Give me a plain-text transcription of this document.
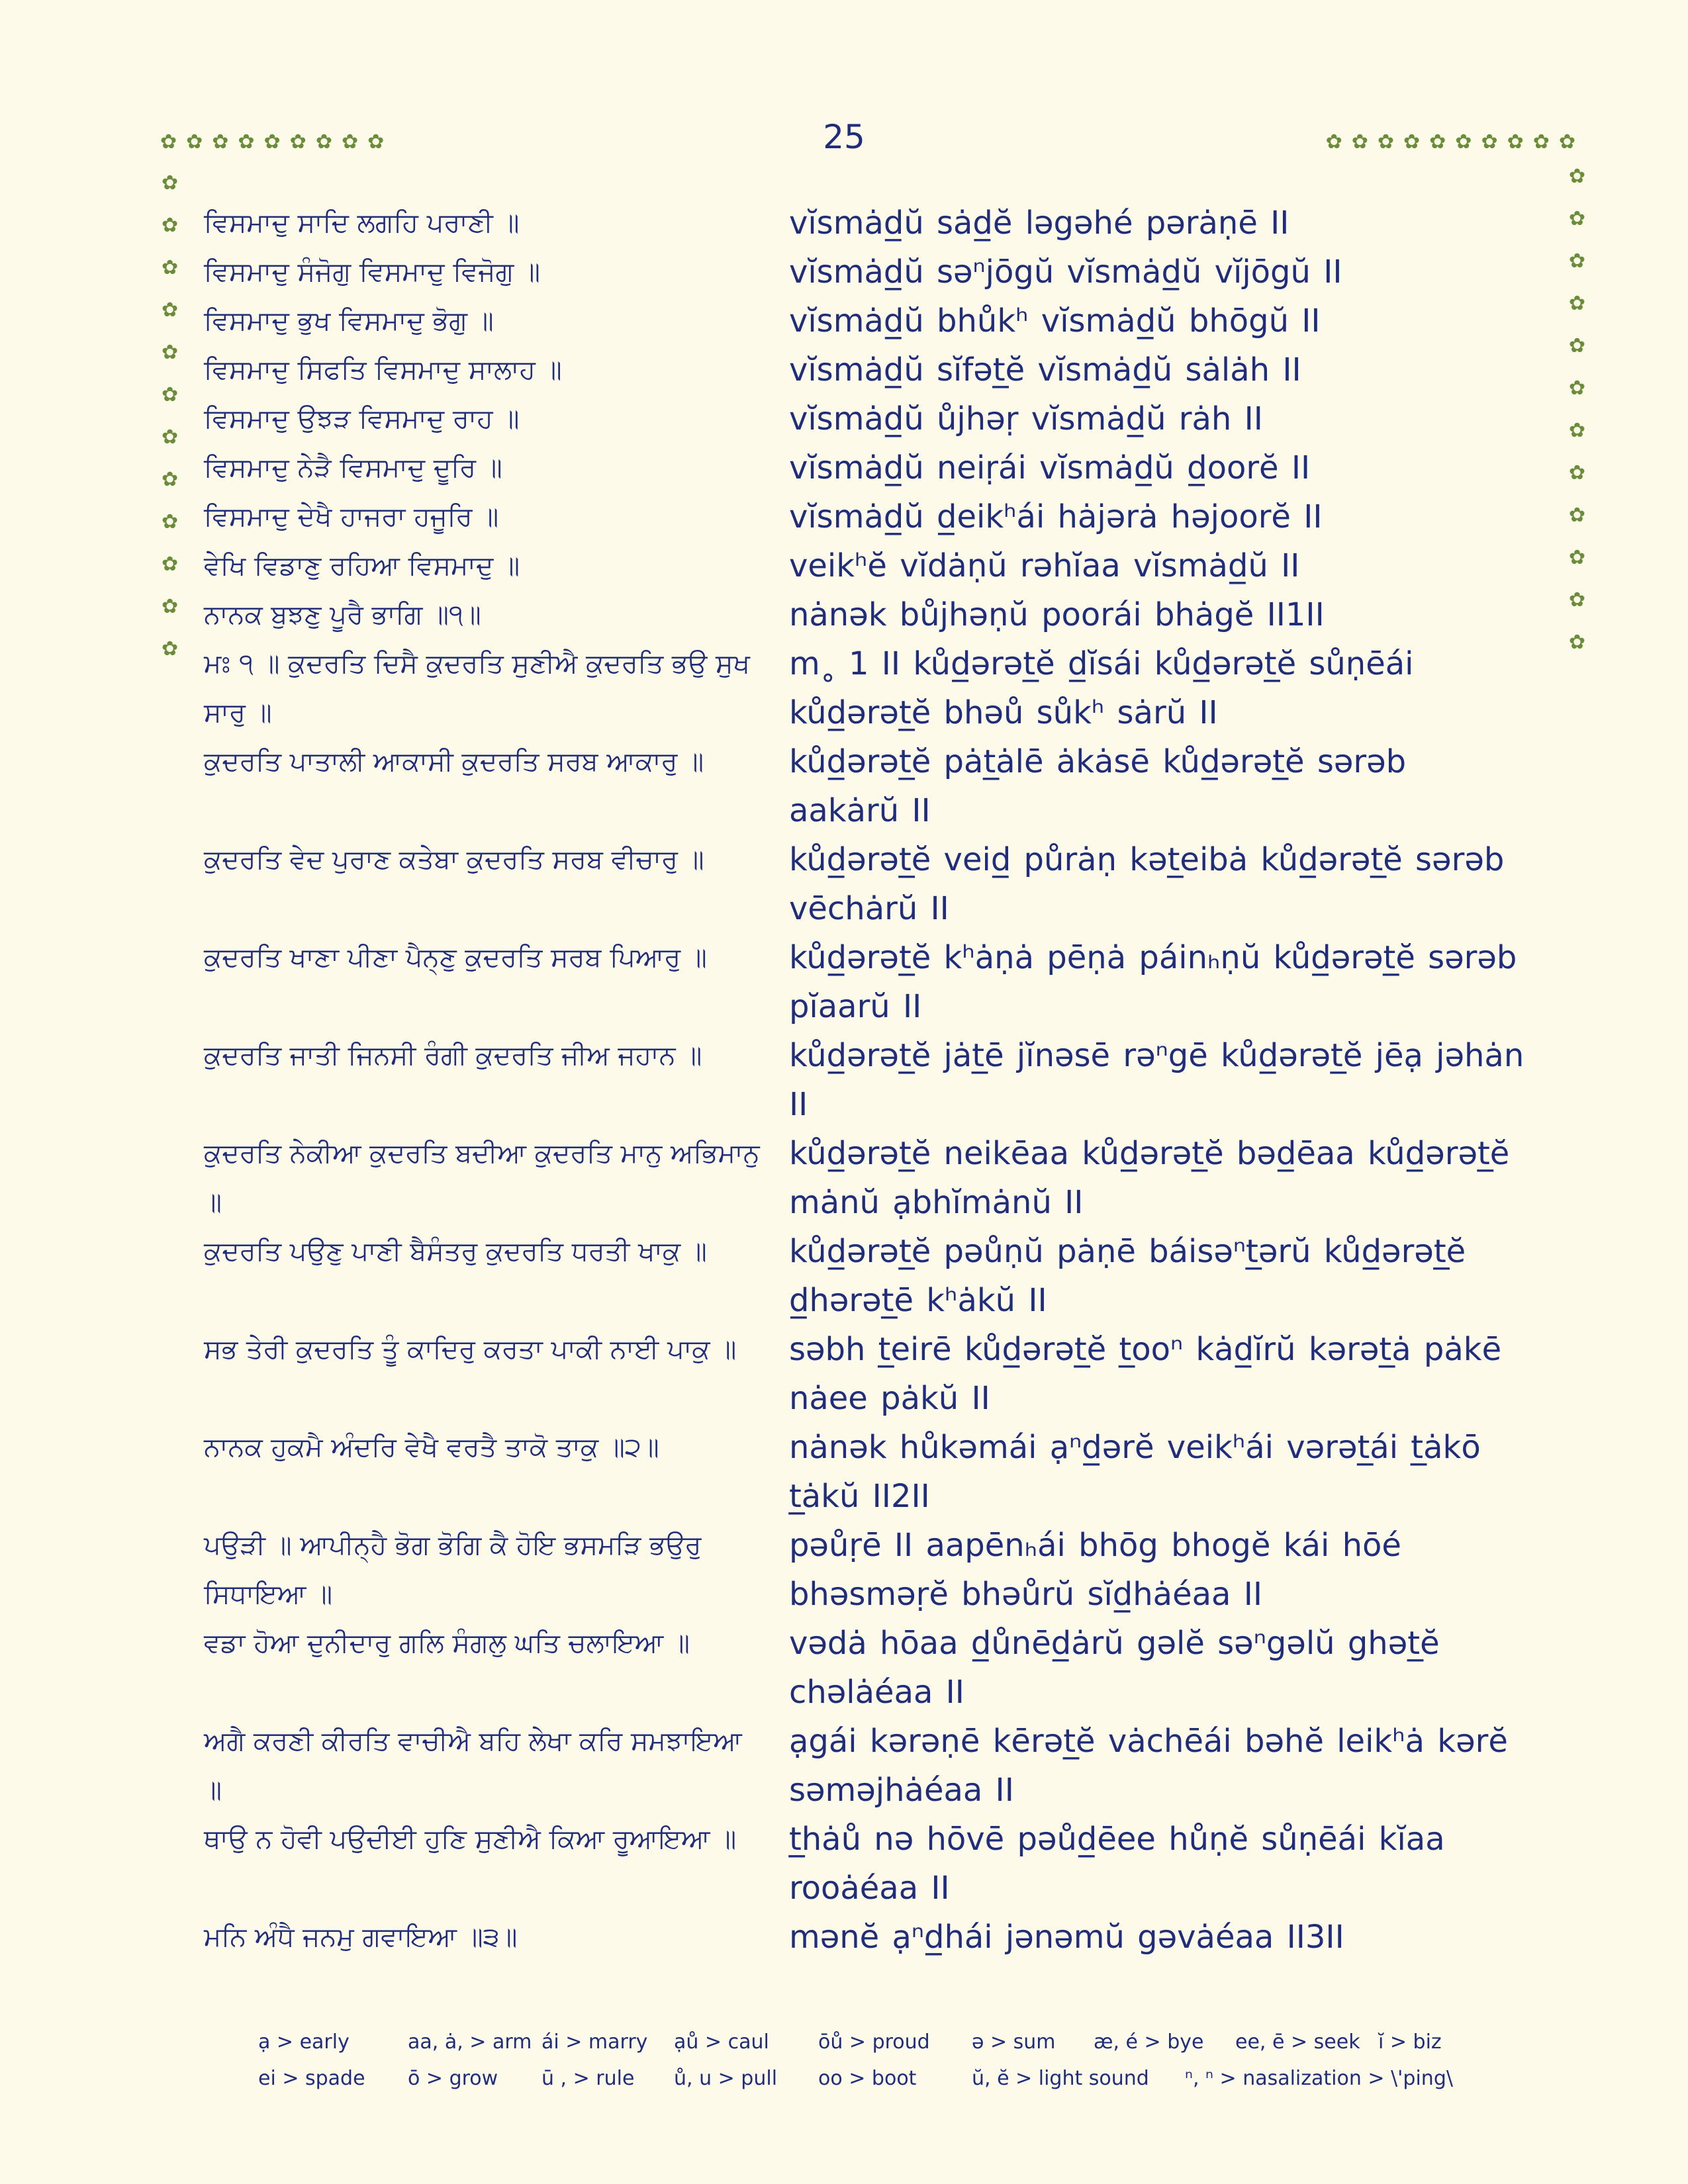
25
✿✿✿✿✿✿✿✿✿	✿✿✿✿✿✿✿✿✿✿
✿
✿
✿
✿
✿
✿
✿
✿
✿
✿
✿
✿
✿
✿
✿
✿
✿
✿
✿
✿
✿
✿
✿
✿
ਵਿਸਮਾਦੁ ਸਾਦਿ ਲਗਹਿ ਪਰਾਣੀ ॥	vĭsmȧd̲ŭ sȧd̲ĕ ləgəhé pərȧṇē II
ਵਿਸਮਾਦੁ ਸੰਜੋਗੁ ਵਿਸਮਾਦੁ ਵਿਜੋਗੁ ॥	vĭsmȧd̲ŭ səⁿjōgŭ vĭsmȧd̲ŭ vĭjōgŭ II
ਵਿਸਮਾਦੁ ਭੁਖ ਵਿਸਮਾਦੁ ਭੋਗੁ ॥	vĭsmȧd̲ŭ bhůkʰ vĭsmȧd̲ŭ bhōgŭ II
ਵਿਸਮਾਦੁ ਸਿਫਤਿ ਵਿਸਮਾਦੁ ਸਾਲਾਹ ॥	vĭsmȧd̲ŭ sĭfət̲ĕ vĭsmȧd̲ŭ sȧlȧh II
ਵਿਸਮਾਦੁ ਉਝੜ ਵਿਸਮਾਦੁ ਰਾਹ ॥	vĭsmȧd̲ŭ ůjhəṛ vĭsmȧd̲ŭ rȧh II
ਵਿਸਮਾਦੁ ਨੇੜੈ ਵਿਸਮਾਦੁ ਦੂਰਿ ॥	vĭsmȧd̲ŭ neiṛái vĭsmȧd̲ŭ d̲oorĕ II
ਵਿਸਮਾਦੁ ਦੇਖੈ ਹਾਜਰਾ ਹਜੂਰਿ ॥	vĭsmȧd̲ŭ d̲eikʰái hȧjərȧ həjoorĕ II
ਵੇਖਿ ਵਿਡਾਣੁ ਰਹਿਆ ਵਿਸਮਾਦੁ ॥	veikʰĕ vĭdȧṇŭ rəhĭaa vĭsmȧd̲ŭ II
ਨਾਨਕ ਬੁਝਣੁ ਪੂਰੈ ਭਾਗਿ ॥੧॥	nȧnək bůjhəṇŭ poorái bhȧgĕ II1II
ਮਃ ੧ ॥ ਕੁਦਰਤਿ ਦਿਸੈ ਕੁਦਰਤਿ ਸੁਣੀਐ ਕੁਦਰਤਿ ਭਉ ਸੁਖ ਸਾਰੁ ॥
m˳ 1 II kůd̲ərət̲ĕ d̲ĭsái kůd̲ərət̲ĕ sůṇēái kůd̲ərət̲ĕ bhəů sůkʰ sȧrŭ II
ਕੁਦਰਤਿ ਪਾਤਾਲੀ ਆਕਾਸੀ ਕੁਦਰਤਿ ਸਰਬ ਆਕਾਰੁ ॥	kůd̲ərət̲ĕ pȧt̲ȧlē ȧkȧsē kůd̲ərət̲ĕ sərəb aakȧrŭ II
ਕੁਦਰਤਿ ਵੇਦ ਪੁਰਾਣ ਕਤੇਬਾ ਕੁਦਰਤਿ ਸਰਬ ਵੀਚਾਰੁ ॥	kůd̲ərət̲ĕ veid̲ půrȧṇ kət̲eibȧ kůd̲ərət̲ĕ sərəb vēchȧrŭ II
ਕੁਦਰਤਿ ਖਾਣਾ ਪੀਣਾ ਪੈਨ੍ਣੁ ਕੁਦਰਤਿ ਸਰਬ ਪਿਆਰੁ ॥	kůd̲ərət̲ĕ kʰȧṇȧ pēṇȧ páinₕṇŭ kůd̲ərət̲ĕ sərəb pĭaarŭ II
ਕੁਦਰਤਿ ਜਾਤੀ ਜਿਨਸੀ ਰੰਗੀ ਕੁਦਰਤਿ ਜੀਅ ਜਹਾਨ ॥	kůd̲ərət̲ĕ jȧt̲ē jĭnəsē rəⁿgē kůd̲ərət̲ĕ jēạ jəhȧn II
ਕੁਦਰਤਿ ਨੇਕੀਆ ਕੁਦਰਤਿ ਬਦੀਆ ਕੁਦਰਤਿ ਮਾਨੁ ਅਭਿਮਾਨੁ ॥
kůd̲ərət̲ĕ neikēaa kůd̲ərət̲ĕ bəd̲ēaa kůd̲ərət̲ĕ mȧnŭ ạbhĭmȧnŭ II
ਕੁਦਰਤਿ ਪਉਣੁ ਪਾਣੀ ਬੈਸੰਤਰੁ ਕੁਦਰਤਿ ਧਰਤੀ ਖਾਕੁ ॥	kůd̲ərət̲ĕ pəůṇŭ pȧṇē báisəⁿt̲ərŭ kůd̲ərət̲ĕ d̲hərət̲ē kʰȧkŭ II
ਸਭ ਤੇਰੀ ਕੁਦਰਤਿ ਤੂੰ ਕਾਦਿਰੁ ਕਰਤਾ ਪਾਕੀ ਨਾਈ ਪਾਕੁ ॥	səbh t̲eirē kůd̲ərət̲ĕ t̲ooⁿ kȧd̲ĭrŭ kərət̲ȧ pȧkē nȧee pȧkŭ II
ਨਾਨਕ ਹੁਕਮੈ ਅੰਦਰਿ ਵੇਖੈ ਵਰਤੈ ਤਾਕੋ ਤਾਕੁ ॥੨॥	nȧnək hůkəmái ạⁿd̲ərĕ veikʰái vərət̲ái t̲ȧkō t̲ȧkŭ II2II
ਪਉੜੀ ॥ ਆਪੀਨ੍ਹੈ ਭੋਗ ਭੋਗਿ ਕੈ ਹੋਇ ਭਸਮੜਿ ਭਉਰੁ ਸਿਧਾਇਆ ॥
pəůṛē II aapēnₕái bhōg bhogĕ kái hōé bhəsməṛĕ bhəůrŭ sĭd̲hȧéaa II
ਵਡਾ ਹੋਆ ਦੁਨੀਦਾਰੁ ਗਲਿ ਸੰਗਲੁ ਘਤਿ ਚਲਾਇਆ ॥	vədȧ hōaa d̲ůnēd̲ȧrŭ gəlĕ səⁿgəlŭ ghət̲ĕ chəlȧéaa II
ਅਗੈ ਕਰਣੀ ਕੀਰਤਿ ਵਾਚੀਐ ਬਹਿ ਲੇਖਾ ਕਰਿ ਸਮਝਾਇਆ ॥
ạgái kərəṇē kērət̲ĕ vȧchēái bəhĕ leikʰȧ kərĕ səməjhȧéaa II
ਥਾਉ ਨ ਹੋਵੀ ਪਉਦੀਈ ਹੁਣਿ ਸੁਣੀਐ ਕਿਆ ਰੂਆਇਆ ॥	t̲hȧů nə hōvē pəůd̲ēee hůṇĕ sůṇēái kĭaa rooȧéaa II
ਮਨਿ ਅੰਧੈ ਜਨਮੁ ਗਵਾਇਆ ॥੩॥	mənĕ ạⁿd̲hái jənəmŭ gəvȧéaa II3II
ạ > early	aa, ȧ, > arm ái > marry	ạů > caul	ōů > proud	ə > sum	æ, é > bye	ee, ē > seek ĭ > biz
ei > spade	ō > grow	ū , > rule	ů, u > pull	oo > boot	ŭ, ĕ > light sound	ⁿ, ⁿ > nasalization > \'ping\
